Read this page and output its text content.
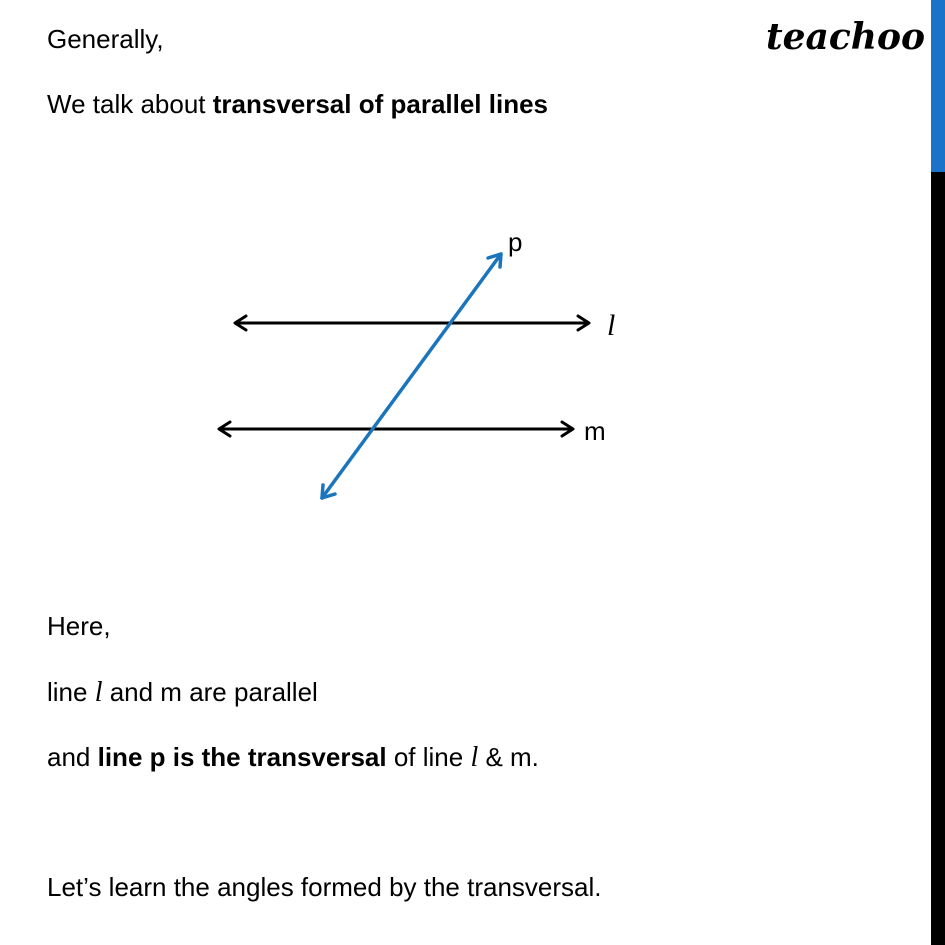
teachoo
Generally,
We talk about transversal of parallel lines
p
l
m
Here,
line l and m are parallel
and line p is the transversal of line l & m.
Let’s learn the angles formed by the transversal.
